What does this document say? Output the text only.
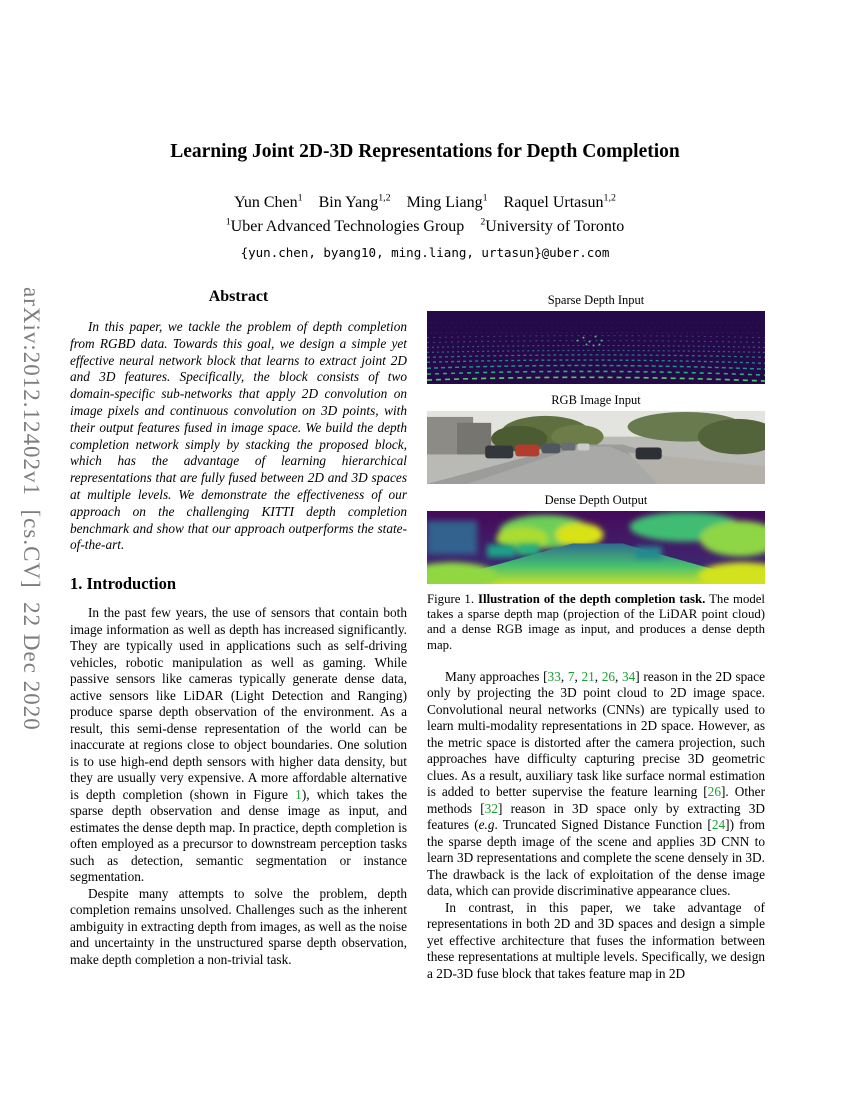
arXiv:2012.12402v1  [cs.CV]  22 Dec 2020
Learning Joint 2D-3D Representations for Depth Completion
Yun Chen$^1$    Bin Yang$^{1,2}$    Ming Liang$^1$    Raquel Urtasun$^{1,2}$
$^1$Uber Advanced Technologies Group    $^2$University of Toronto
{yun.chen, byang10, ming.liang, urtasun}@uber.com
Abstract

In this paper, we tackle the problem of depth completion from RGBD data. Towards this goal, we design a simple yet effective neural network block that learns to extract joint 2D and 3D features. Specifically, the block consists of two domain-specific sub-networks that apply 2D convolution on image pixels and continuous convolution on 3D points, with their output features fused in image space. We build the depth completion network simply by stacking the proposed block, which has the advantage of learning hierarchical representations that are fully fused between 2D and 3D spaces at multiple levels. We demonstrate the effectiveness of our approach on the challenging KITTI depth completion benchmark and show that our approach outperforms the state-of-the-art.

1. Introduction

In the past few years, the use of sensors that contain both image information as well as depth has increased significantly. They are typically used in applications such as self-driving vehicles, robotic manipulation as well as gaming. While passive sensors like cameras typically generate dense data, active sensors like LiDAR (Light Detection and Ranging) produce sparse depth observation of the environment. As a result, this semi-dense representation of the world can be inaccurate at regions close to object boundaries. One solution is to use high-end depth sensors with higher data density, but they are usually very expensive. A more affordable alternative is depth completion (shown in Figure 1), which takes the sparse depth observation and dense image as input, and estimates the dense depth map. In practice, depth completion is often employed as a precursor to downstream perception tasks such as detection, semantic segmentation or instance segmentation.

Despite many attempts to solve the problem, depth completion remains unsolved. Challenges such as the inherent ambiguity in extracting depth from images, as well as the noise and uncertainty in the unstructured sparse depth observation, make depth completion a non-trivial task.

Sparse Depth Input
RGB Image Input
Dense Depth Output
Figure 1. Illustration of the depth completion task. The model takes a sparse depth map (projection of the LiDAR point cloud) and a dense RGB image as input, and produces a dense depth map.

Many approaches [33, 7, 21, 26, 34] reason in the 2D space only by projecting the 3D point cloud to 2D image space. Convolutional neural networks (CNNs) are typically used to learn multi-modality representations in 2D space. However, as the metric space is distorted after the camera projection, such approaches have difficulty capturing precise 3D geometric clues. As a result, auxiliary task like surface normal estimation is added to better supervise the feature learning [26]. Other methods [32] reason in 3D space only by extracting 3D features (e.g. Truncated Signed Distance Function [24]) from the sparse depth image of the scene and applies 3D CNN to learn 3D representations and complete the scene densely in 3D. The drawback is the lack of exploitation of the dense image data, which can provide discriminative appearance clues.

In contrast, in this paper, we take advantage of representations in both 2D and 3D spaces and design a simple yet effective architecture that fuses the information between these representations at multiple levels. Specifically, we design a 2D-3D fuse block that takes feature map in 2D
